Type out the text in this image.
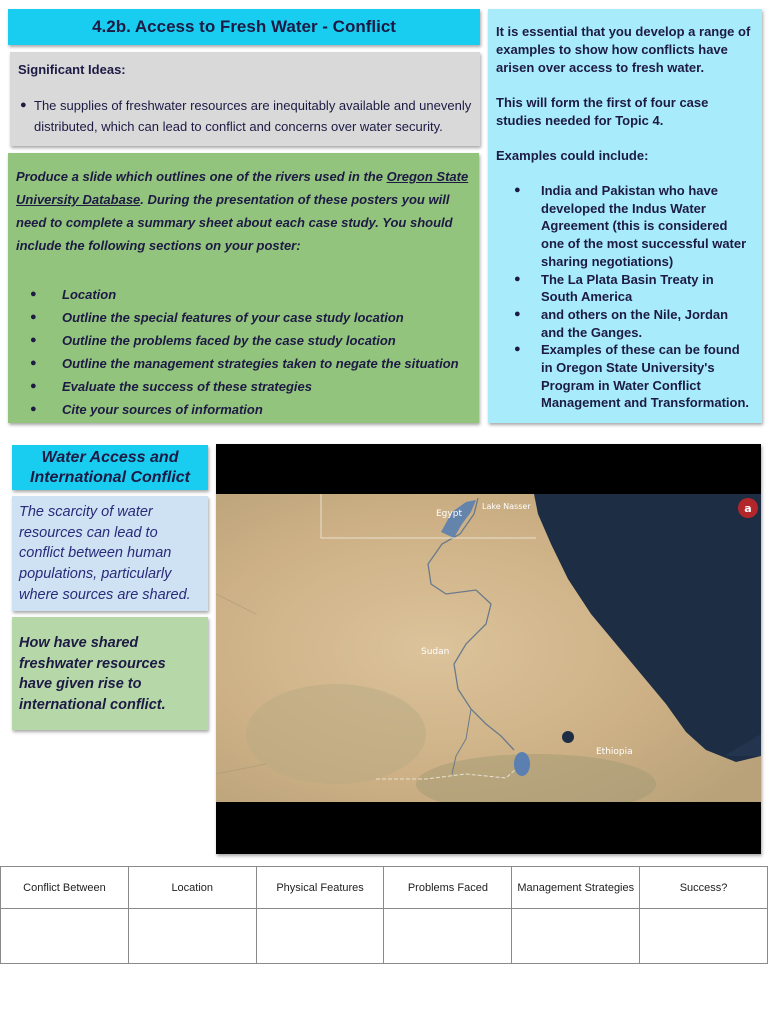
4.2b. Access to Fresh Water - Conflict
Significant Ideas:
● The supplies of freshwater resources are inequitably available and unevenly distributed, which can lead to conflict and concerns over water security.

Produce a slide which outlines one of the rivers used in the Oregon State University Database. During the presentation of these posters you will need to complete a summary sheet about each case study. You should include the following sections on your poster:

●	Location
●	Outline the special features of your case study location
●	Outline the problems faced by the case study location
●	Outline the management strategies taken to negate the situation
●	Evaluate the success of these strategies
●	Cite your sources of information

It is essential that you develop a range of examples to show how conflicts have arisen over access to fresh water.

This will form the first of four case studies needed for Topic 4.

Examples could include:

●	India and Pakistan who have developed the Indus Water Agreement (this is considered one of the most successful water sharing negotiations)
●	The La Plata Basin Treaty in South America
●	and others on the Nile, Jordan and the Ganges.
●	Examples of these can be found in Oregon State University's Program in Water Conflict Management and Transformation.
Water Access and International Conflict

The scarcity of water resources can lead to conflict between human populations, particularly where sources are shared.

How have shared freshwater resources have given rise to international conflict.

Egypt
Lake Nasser
Sudan
Ethiopia
a
Conflict Between	Location	Physical Features	Problems Faced	Management Strategies	Success?
